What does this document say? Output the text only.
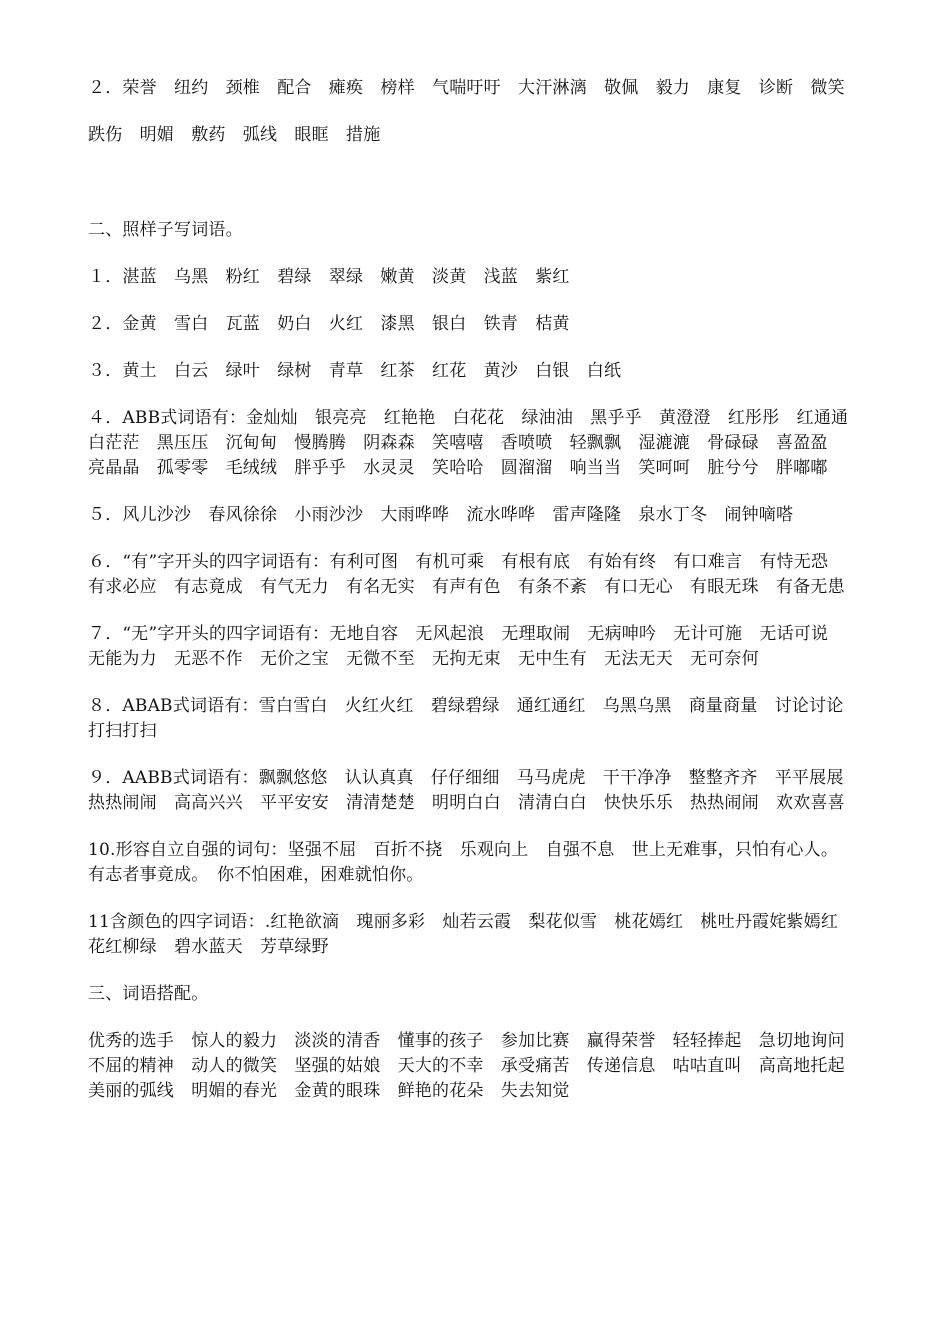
２．荣誉　纽约　颈椎　配合　瘫痪　榜样　气喘吁吁　大汗淋漓　敬佩　毅力　康复　诊断　微笑

跌伤　明媚　敷药　弧线　眼眶　措施

二、照样子写词语。

１．湛蓝　乌黑　粉红　碧绿　翠绿　嫩黄　淡黄　浅蓝　紫红

２．金黄　雪白　瓦蓝　奶白　火红　漆黑　银白　铁青　桔黄

３．黄土　白云　绿叶　绿树　青草　红茶　红花　黄沙　白银　白纸

４．ABB式词语有：金灿灿　银亮亮　红艳艳　白花花　绿油油　黑乎乎　黄澄澄　红彤彤　红通通　白茫茫　黑压压　沉甸甸　慢腾腾　阴森森　笑嘻嘻　香喷喷　轻飘飘　湿漉漉　骨碌碌　喜盈盈　亮晶晶　孤零零　毛绒绒　胖乎乎　水灵灵　笑哈哈　圆溜溜　响当当　笑呵呵　脏兮兮　胖嘟嘟

５．风儿沙沙　春风徐徐　小雨沙沙　大雨哗哗　流水哗哗　雷声隆隆　泉水丁冬　闹钟嘀嗒

６．“有”字开头的四字词语有：有利可图　有机可乘　有根有底　有始有终　有口难言　有恃无恐　　有求必应　有志竟成　有气无力　有名无实　有声有色　有条不紊　有口无心　有眼无珠　有备无患

７．“无”字开头的四字词语有：无地自容　无风起浪　无理取闹　无病呻吟　无计可施　无话可说　　无能为力　无恶不作　无价之宝　无微不至　无拘无束　无中生有　无法无天　无可奈何

８．ABAB式词语有：雪白雪白　火红火红　碧绿碧绿　通红通红　乌黑乌黑　商量商量　讨论讨论　打扫打扫

９．AABB式词语有：飘飘悠悠　认认真真　仔仔细细　马马虎虎　干干净净　整整齐齐　平平展展　热热闹闹　高高兴兴　平平安安　清清楚楚　明明白白　清清白白　快快乐乐　热热闹闹　欢欢喜喜

10.形容自立自强的词句：坚强不屈　百折不挠　乐观向上　自强不息　世上无难事，只怕有心人。　　有志者事竟成。　你不怕困难，困难就怕你。

11含颜色的四字词语：.红艳欲滴　瑰丽多彩　灿若云霞　梨花似雪　桃花嫣红　桃吐丹霞姹紫嫣红　花红柳绿　碧水蓝天　芳草绿野

三、词语搭配。

优秀的选手　惊人的毅力　淡淡的清香　懂事的孩子　参加比赛　赢得荣誉　轻轻捧起　急切地询问　不屈的精神　动人的微笑　坚强的姑娘　天大的不幸　承受痛苦　传递信息　咕咕直叫　高高地托起　美丽的弧线　明媚的春光　金黄的眼珠　鲜艳的花朵　失去知觉
